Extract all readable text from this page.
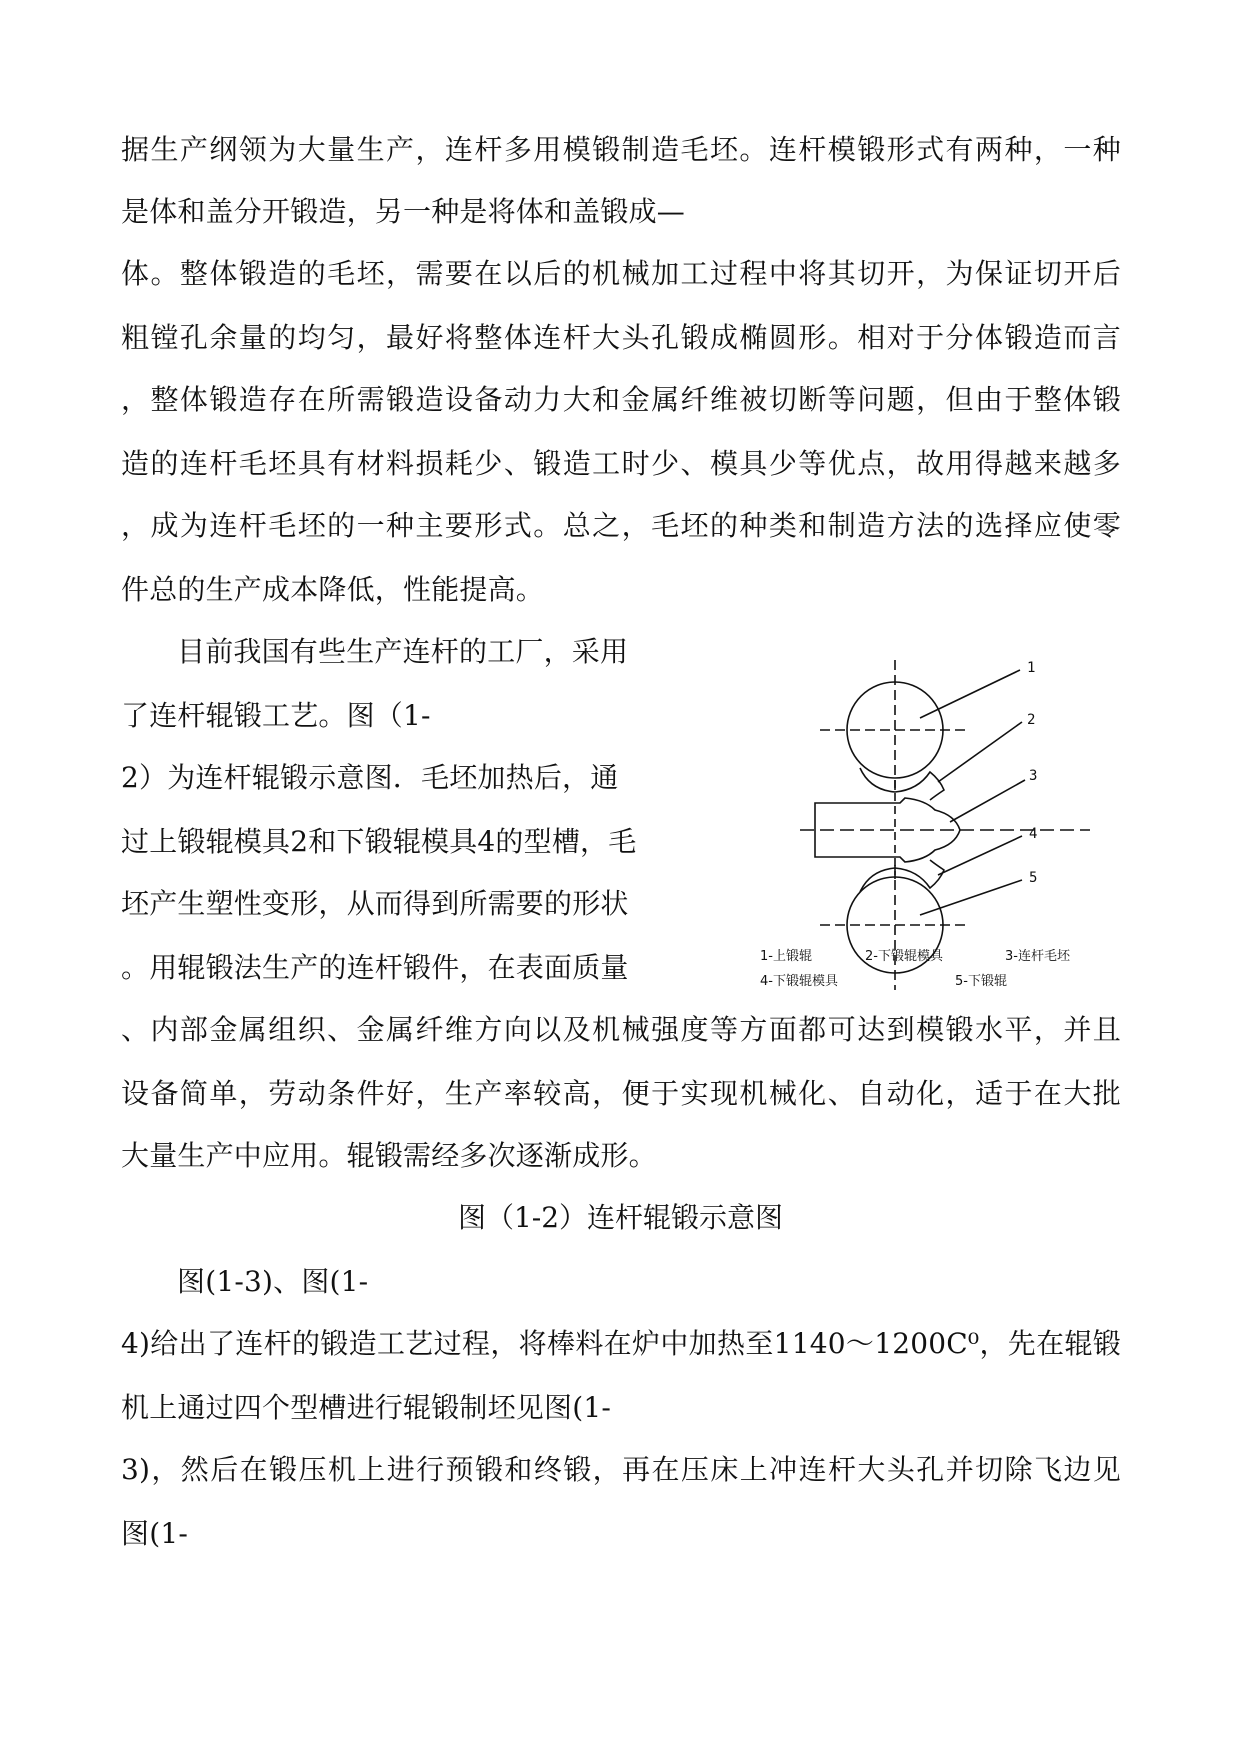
据生产纲领为大量生产，连杆多用模锻制造毛坯。连杆模锻形式有两种，一种
是体和盖分开锻造，另一种是将体和盖锻成—
体。整体锻造的毛坯，需要在以后的机械加工过程中将其切开，为保证切开后
粗镗孔余量的均匀，最好将整体连杆大头孔锻成椭圆形。相对于分体锻造而言
，整体锻造存在所需锻造设备动力大和金属纤维被切断等问题，但由于整体锻
造的连杆毛坯具有材料损耗少、锻造工时少、模具少等优点，故用得越来越多
，成为连杆毛坯的一种主要形式。总之，毛坯的种类和制造方法的选择应使零
件总的生产成本降低，性能提高。
目前我国有些生产连杆的工厂，采用
了连杆辊锻工艺。图（1-
2）为连杆辊锻示意图．毛坯加热后，通
过上锻辊模具2和下锻辊模具4的型槽，毛
坯产生塑性变形，从而得到所需要的形状
。用辊锻法生产的连杆锻件，在表面质量
1
2
3
4
5
1-上锻辊	2-下锻辊模具	3-连杆毛坯
4-下锻辊模具	5-下锻辊
、内部金属组织、金属纤维方向以及机械强度等方面都可达到模锻水平，并且
设备简单，劳动条件好，生产率较高，便于实现机械化、自动化，适于在大批
大量生产中应用。辊锻需经多次逐渐成形。
图（1-2）连杆辊锻示意图
图(1-3)、图(1-
4)给出了连杆的锻造工艺过程，将棒料在炉中加热至1140～1200C⁰，先在辊锻
机上通过四个型槽进行辊锻制坯见图(1-
3)，然后在锻压机上进行预锻和终锻，再在压床上冲连杆大头孔并切除飞边见
图(1-
